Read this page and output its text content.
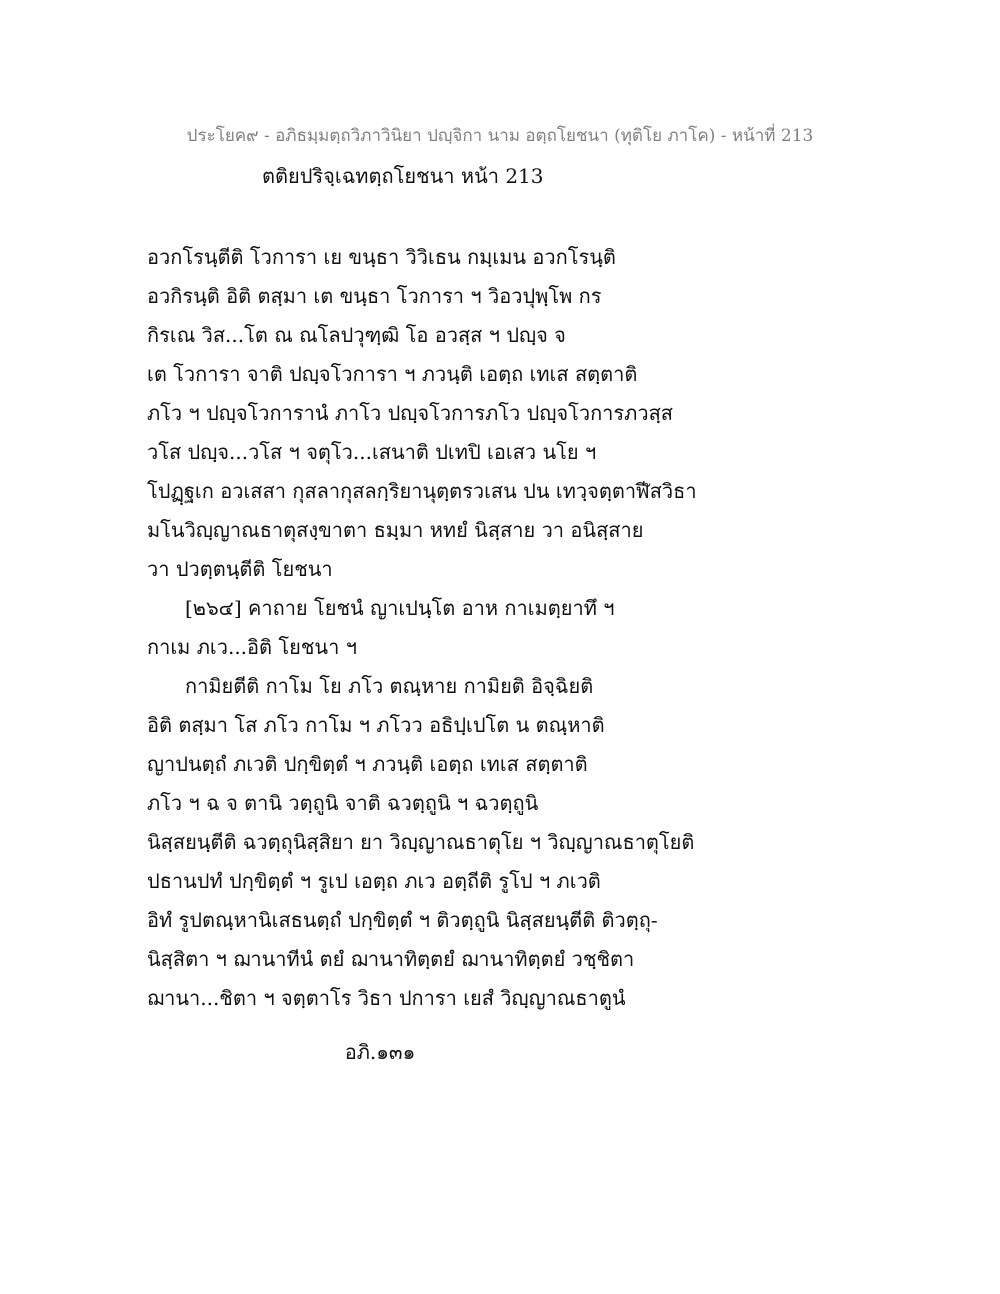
ประโยค๙ - อภิธมฺมตฺถวิภาวินิยา ปญฺจิกา นาม อตฺถโยชนา (ทุติโย ภาโค) - หน้าที่ 213
ตติยปริจฺเฉทตฺถโยชนา หน้า 213
อวกโรนฺตีติ โวการา เย ขนฺธา วิวิเธน กมฺเมน อวกโรนฺติ
อวกิรนฺติ อิติ ตสฺมา เต ขนฺธา โวการา ฯ วิอวปุพฺโพ กร
กิรเณ วิส...โต ณ ณโลปวุฑฺฒิ โอ อวสฺส ฯ ปญฺจ จ
เต โวการา จาติ ปญฺจโวการา ฯ ภวนฺติ เอตฺถ เทเส สตฺตาติ
ภโว ฯ ปญฺจโวการานํ ภาโว ปญฺจโวการภโว ปญฺจโวการภวสฺส
วโส ปญฺจ...วโส ฯ จตุโว...เสนาติ ปเทปิ เอเสว นโย ฯ
โปฏฺฐเก อวเสสา กุสลากุสลกฺริยานุตฺตรวเสน ปน เทวฺจตฺตาฬีสวิธา
มโนวิญฺญาณธาตุสงฺขาตา ธมฺมา หทยํ นิสฺสาย วา อนิสฺสาย
วา ปวตฺตนฺตีติ โยชนา
[๒๖๔] คาถาย โยชนํ ญาเปนฺโต อาห กาเมตฺยาทึ ฯ
กาเม ภเว...อิติ โยชนา ฯ
กามิยตีติ กาโม โย ภโว ตณฺหาย กามิยติ อิจฺฉิยติ
อิติ ตสฺมา โส ภโว กาโม ฯ ภโวว อธิปฺเปโต น ตณฺหาติ
ญาปนตฺถํ ภเวติ ปกฺขิตฺตํ ฯ ภวนฺติ เอตฺถ เทเส สตฺตาติ
ภโว ฯ ฉ จ ตานิ วตฺถูนิ จาติ ฉวตฺถูนิ ฯ ฉวตฺถูนิ
นิสฺสยนฺตีติ ฉวตฺถุนิสฺสิยา ยา วิญฺญาณธาตุโย ฯ วิญฺญาณธาตุโยติ
ปธานปทํ ปกฺขิตฺตํ ฯ รูเป เอตฺถ ภเว อตฺถีติ รูโป ฯ ภเวติ
อิทํ รูปตณฺหานิเสธนตฺถํ ปกฺขิตฺตํ ฯ ติวตฺถูนิ นิสฺสยนฺตีติ ติวตฺถุ-
นิสฺสิตา ฯ ฌานาทีนํ ตยํ ฌานาทิตฺตยํ ฌานาทิตฺตยํ วชฺชิตา
ฌานา...ชิตา ฯ จตฺตาโร วิธา ปการา เยสํ วิญฺญาณธาตูนํ
อภิ.๑๓๑
